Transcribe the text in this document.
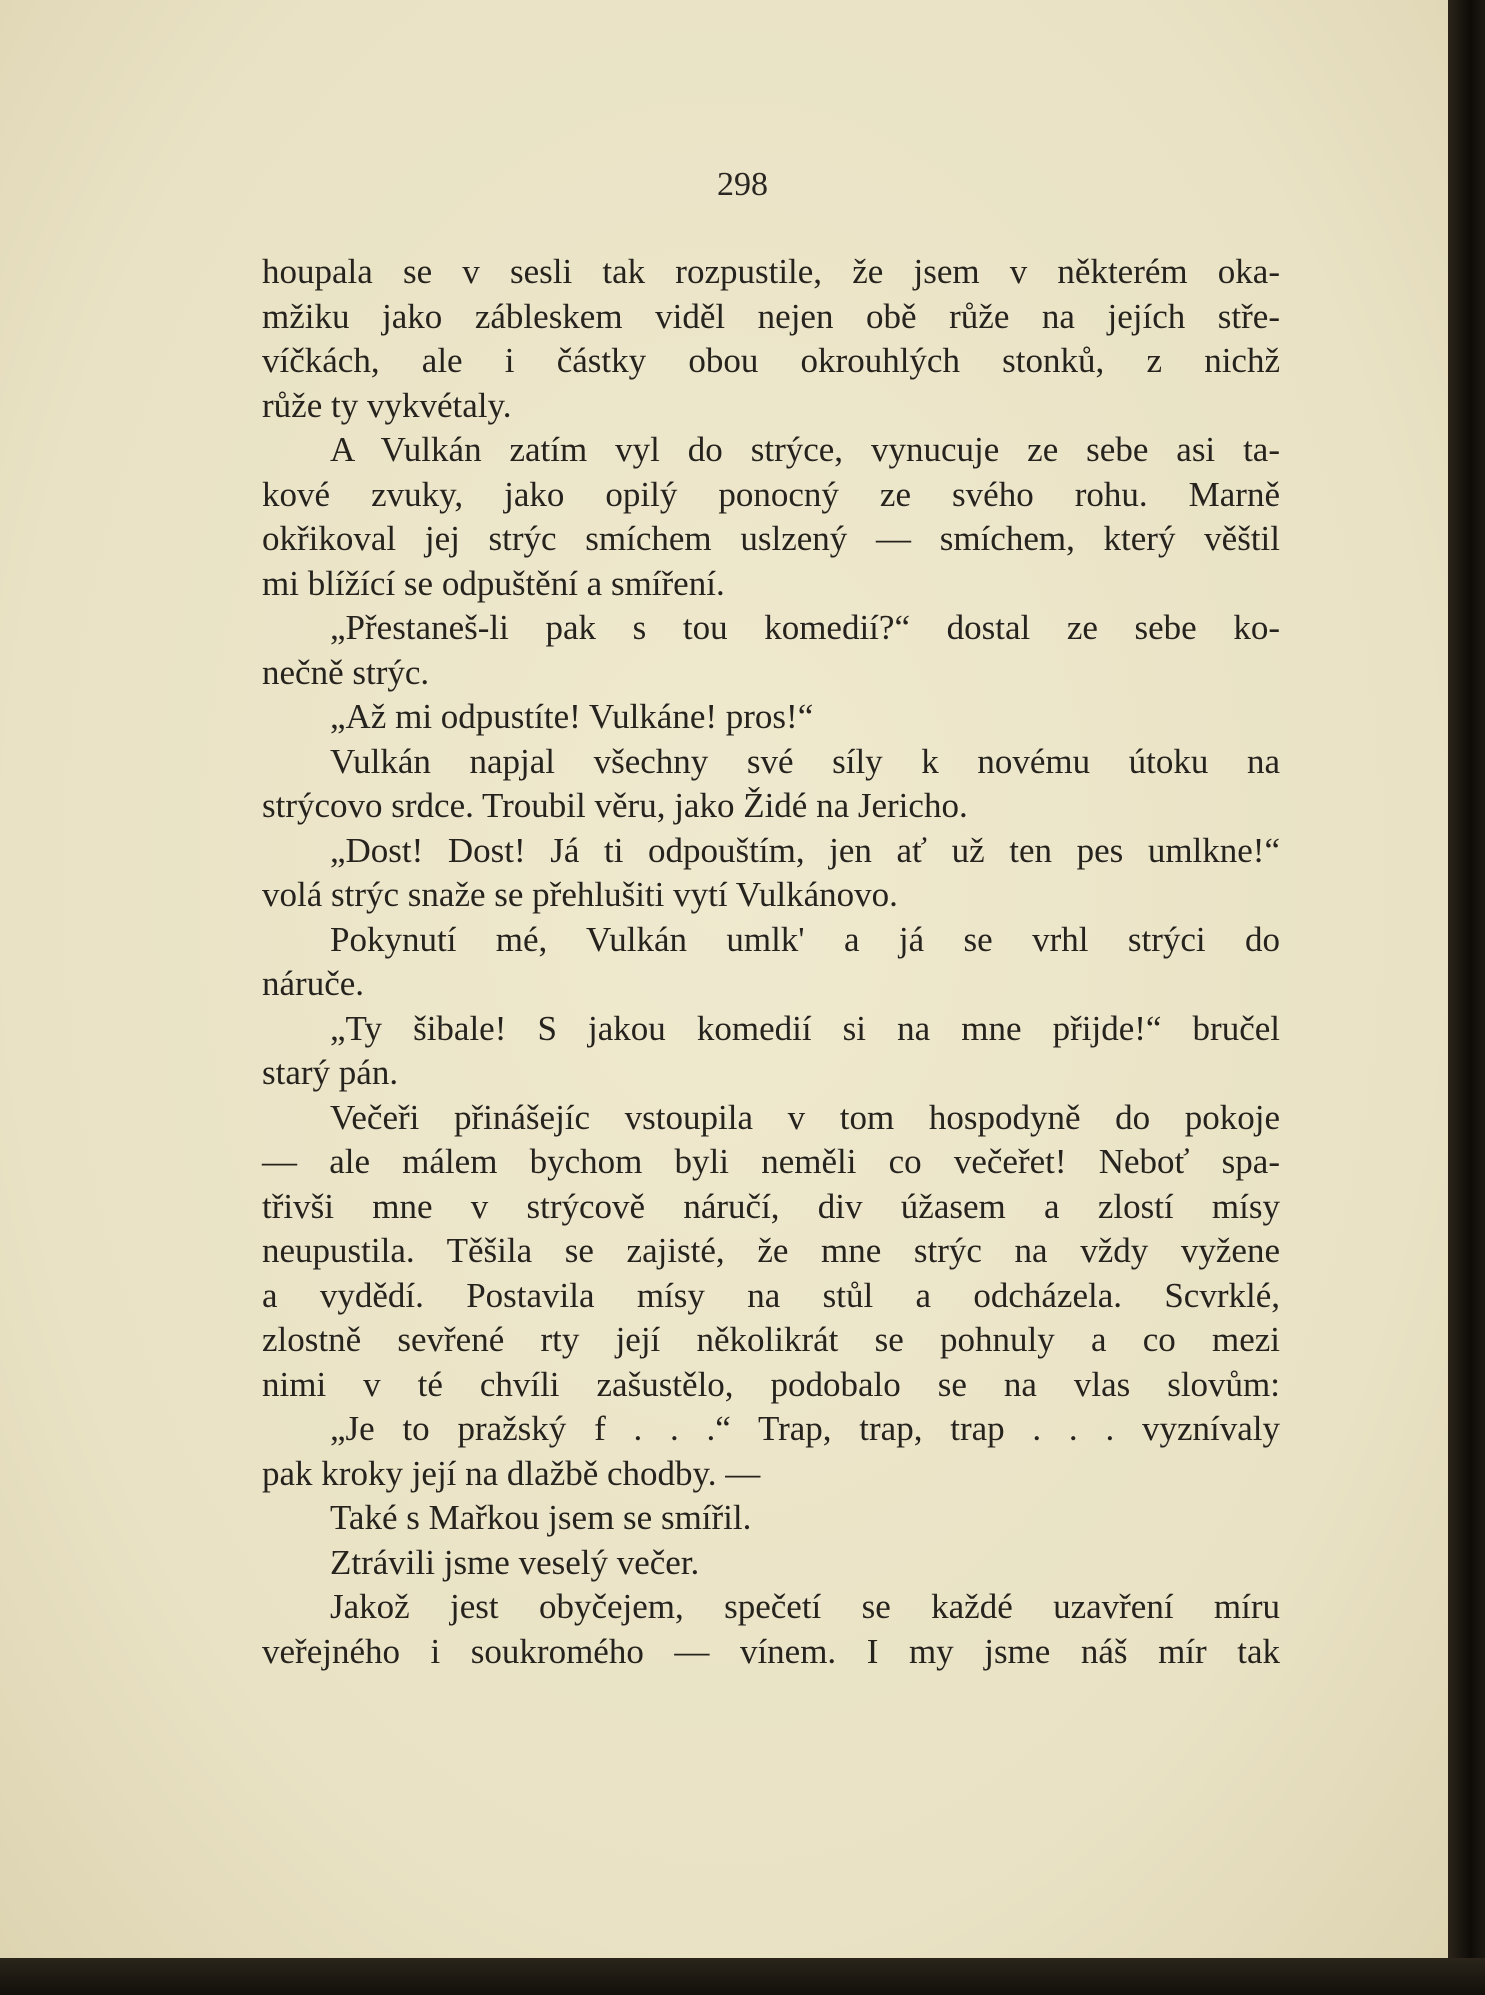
298
houpala se v sesli tak rozpustile, že jsem v některém oka-
mžiku jako zábleskem viděl nejen obě růže na jejích stře-
víčkách, ale i částky obou okrouhlých stonků, z nichž
růže ty vykvétaly.
A Vulkán zatím vyl do strýce, vynucuje ze sebe asi ta-
kové zvuky, jako opilý ponocný ze svého rohu. Marně
okřikoval jej strýc smíchem uslzený — smíchem, který věštil
mi blížící se odpuštění a smíření.
„Přestaneš-li pak s tou komedií?“ dostal ze sebe ko-
nečně strýc.
„Až mi odpustíte! Vulkáne! pros!“
Vulkán napjal všechny své síly k novému útoku na
strýcovo srdce. Troubil věru, jako Židé na Jericho.
„Dost! Dost! Já ti odpouštím, jen ať už ten pes umlkne!“
volá strýc snaže se přehlušiti vytí Vulkánovo.
Pokynutí mé, Vulkán umlk' a já se vrhl strýci do
náruče.
„Ty šibale! S jakou komedií si na mne přijde!“ bručel
starý pán.
Večeři přinášejíc vstoupila v tom hospodyně do pokoje
— ale málem bychom byli neměli co večeřet! Neboť spa-
třivši mne v strýcově náručí, div úžasem a zlostí mísy
neupustila. Těšila se zajisté, že mne strýc na vždy vyžene
a vydědí. Postavila mísy na stůl a odcházela. Scvrklé,
zlostně sevřené rty její několikrát se pohnuly a co mezi
nimi v té chvíli zašustělo, podobalo se na vlas slovům:
„Je to pražský f . . .“ Trap, trap, trap . . . vyznívaly
pak kroky její na dlažbě chodby. —
Také s Mařkou jsem se smířil.
Ztrávili jsme veselý večer.
Jakož jest obyčejem, spečetí se každé uzavření míru
veřejného i soukromého — vínem. I my jsme náš mír tak
